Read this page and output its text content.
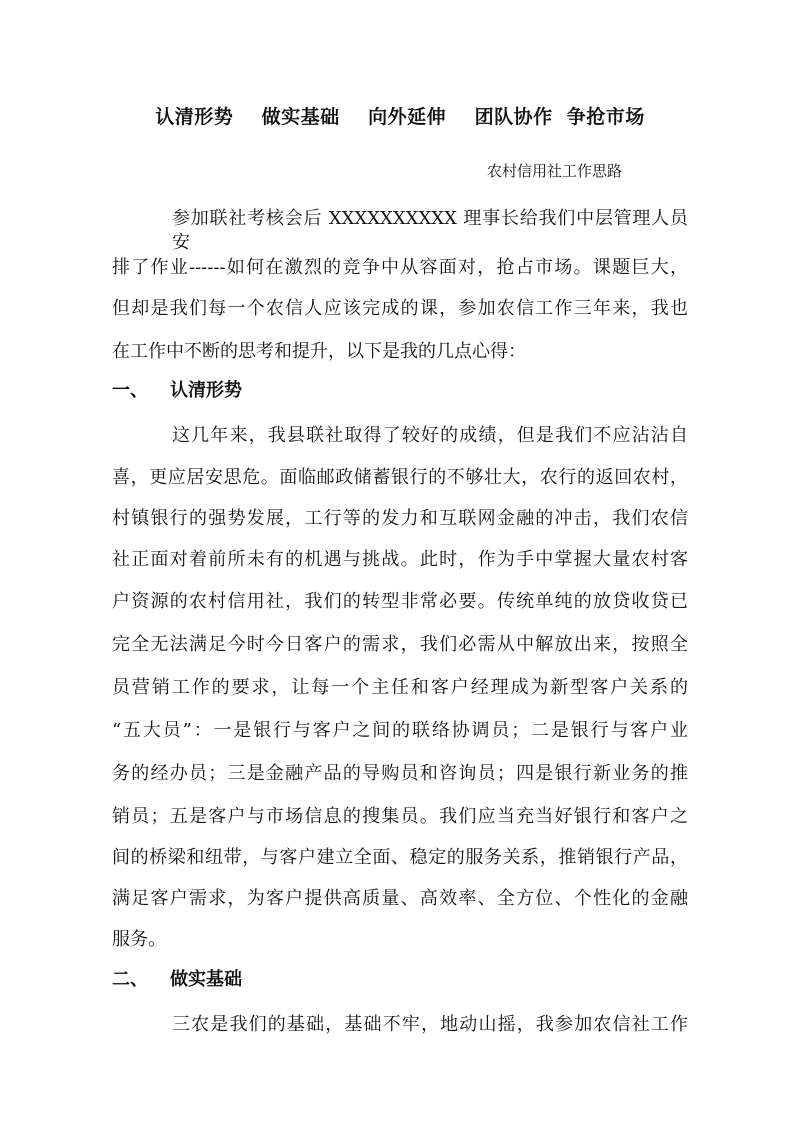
认清形势    做实基础    向外延伸    团队协作  争抢市场
农村信用社工作思路
参加联社考核会后 XXXXXXXXXX 理事长给我们中层管理人员安
排了作业------如何在激烈的竞争中从容面对，抢占市场。课题巨大，
但却是我们每一个农信人应该完成的课，参加农信工作三年来，我也
在工作中不断的思考和提升，以下是我的几点心得：
一、 认清形势
这几年来，我县联社取得了较好的成绩，但是我们不应沾沾自
喜，更应居安思危。面临邮政储蓄银行的不够壮大，农行的返回农村，
村镇银行的强势发展，工行等的发力和互联网金融的冲击，我们农信
社正面对着前所未有的机遇与挑战。此时，作为手中掌握大量农村客
户资源的农村信用社，我们的转型非常必要。传统单纯的放贷收贷已
完全无法满足今时今日客户的需求，我们必需从中解放出来，按照全
员营销工作的要求，让每一个主任和客户经理成为新型客户关系的
“五大员”：一是银行与客户之间的联络协调员；二是银行与客户业
务的经办员；三是金融产品的导购员和咨询员；四是银行新业务的推
销员；五是客户与市场信息的搜集员。我们应当充当好银行和客户之
间的桥梁和纽带，与客户建立全面、稳定的服务关系，推销银行产品，
满足客户需求，为客户提供高质量、高效率、全方位、个性化的金融
服务。
二、 做实基础
三农是我们的基础，基础不牢，地动山摇，我参加农信社工作
